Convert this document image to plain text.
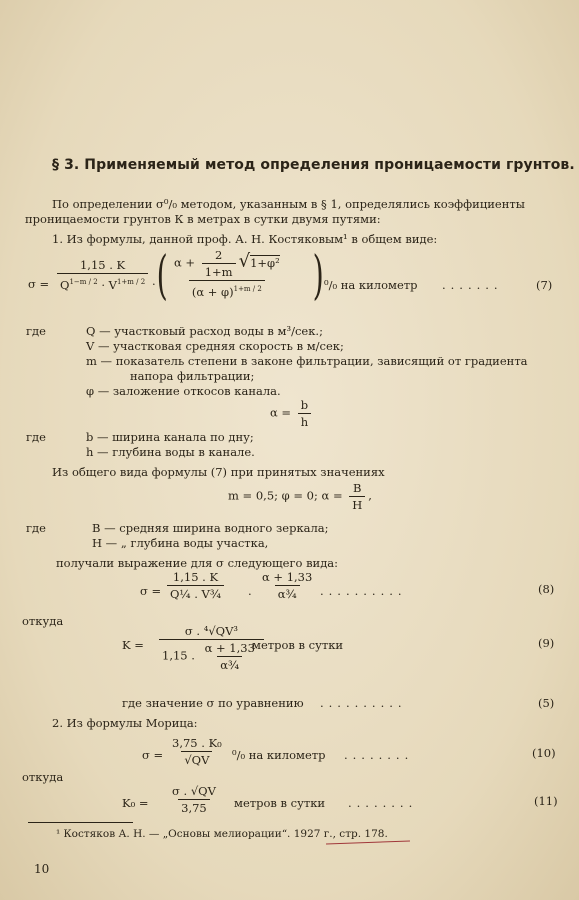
§ 3. Применяемый метод определения проницаемости грунтов.
По определении σ⁰/₀ методом, указанным в § 1, определялись коэффициенты
проницаемости грунтов К в метрах в сутки двумя путями:
1. Из формулы, данной проф. А. Н. Костяковым¹ в общем виде:
$\sigma = \frac{1,15 . K}{Q^{1-m / 2} \cdot V^{1+m / 2}}$ · ( $\frac{\alpha + \frac{2}{1+m} √1+\varphi^2}{(\alpha + \varphi)^{1+m / 2}}$ ) ⁰/₀ на километр .......	(7)
где	Q — участковый расход воды в м³/сек.;
V — участковая средняя скорость в м/сек;
m — показатель степени в законе фильтрации, зависящий от градиента
напора фильтрации;
φ — заложение откосов канала.
$\alpha = \frac{b}{h}$
где	b — ширина канала по дну;
h — глубина воды в канале.
Из общего вида формулы (7) при принятых значениях
m = 0,5; φ = 0; $\alpha = \frac{B}{H}$ ,
где	B — средняя ширина водного зеркала;
H — „ глубина воды участка,
получали выражение для σ следующего вида:
$\sigma = \frac{1,15 . K}{\text{Q¼ . V¾}}$ . $\frac{\alpha + 1,33}{\text{α¾}}$ ..........	(8)
откуда
$K = \frac{\text{σ . ⁴√QV³}}{1,15 . \frac{\alpha + 1,33}{\text{α¾}}}$
метров в сутки	(9)
где значение σ по уравнению ..........	(5)
2. Из формулы Морица:
$\sigma = \frac{\text{3,75 . K₀}}{√QV} ^0/_0$ на километр ........	(10)
откуда
$K_0 = \frac{\sigma . √QV}{3,75}$ метров в сутки ........	(11)
¹ Костяков А. Н. — „Основы мелиорации“. 1927 г., стр. 178.
10
